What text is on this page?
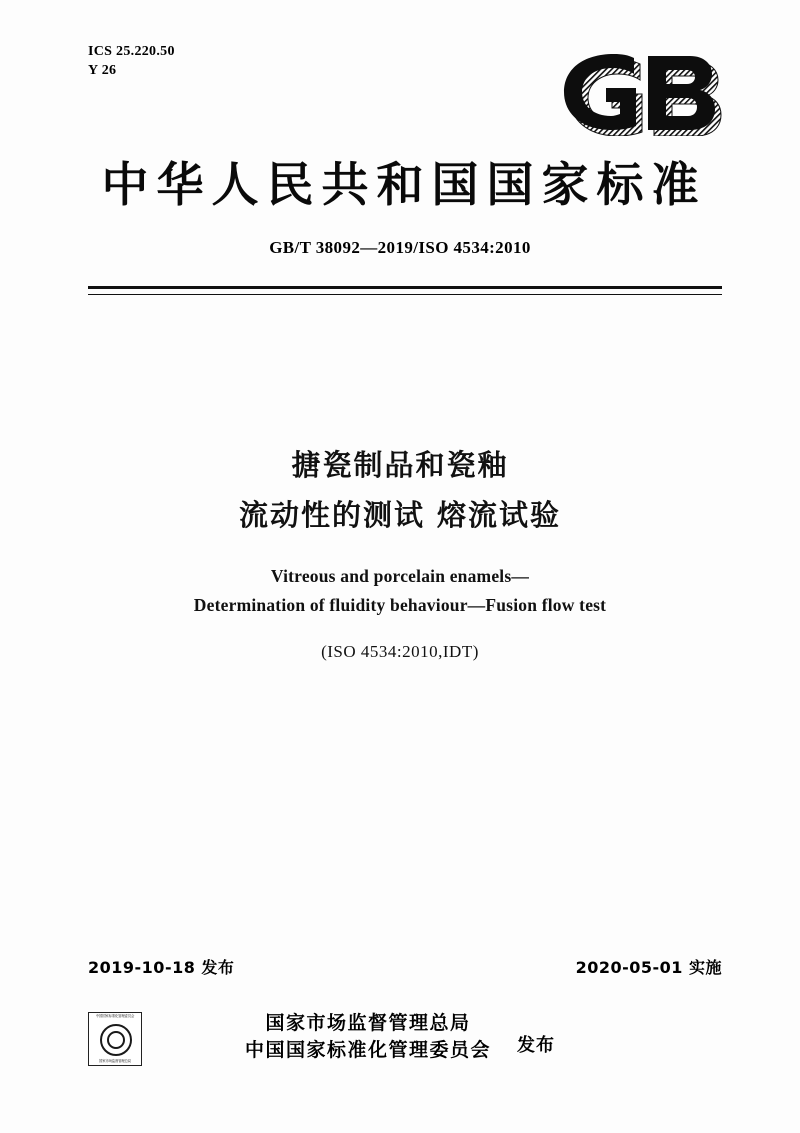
ICS 25.220.50
Y 26
中华人民共和国国家标准
GB/T 38092—2019/ISO 4534:2010
搪瓷制品和瓷釉
流动性的测试 熔流试验
Vitreous and porcelain enamels—
Determination of fluidity behaviour—Fusion flow test
(ISO 4534:2010,IDT)
2019-10-18 发布	2020-05-01 实施
中国国家标准化管理委员会
国家市场监督管理总局
国家市场监督管理总局
中国国家标准化管理委员会 发布
